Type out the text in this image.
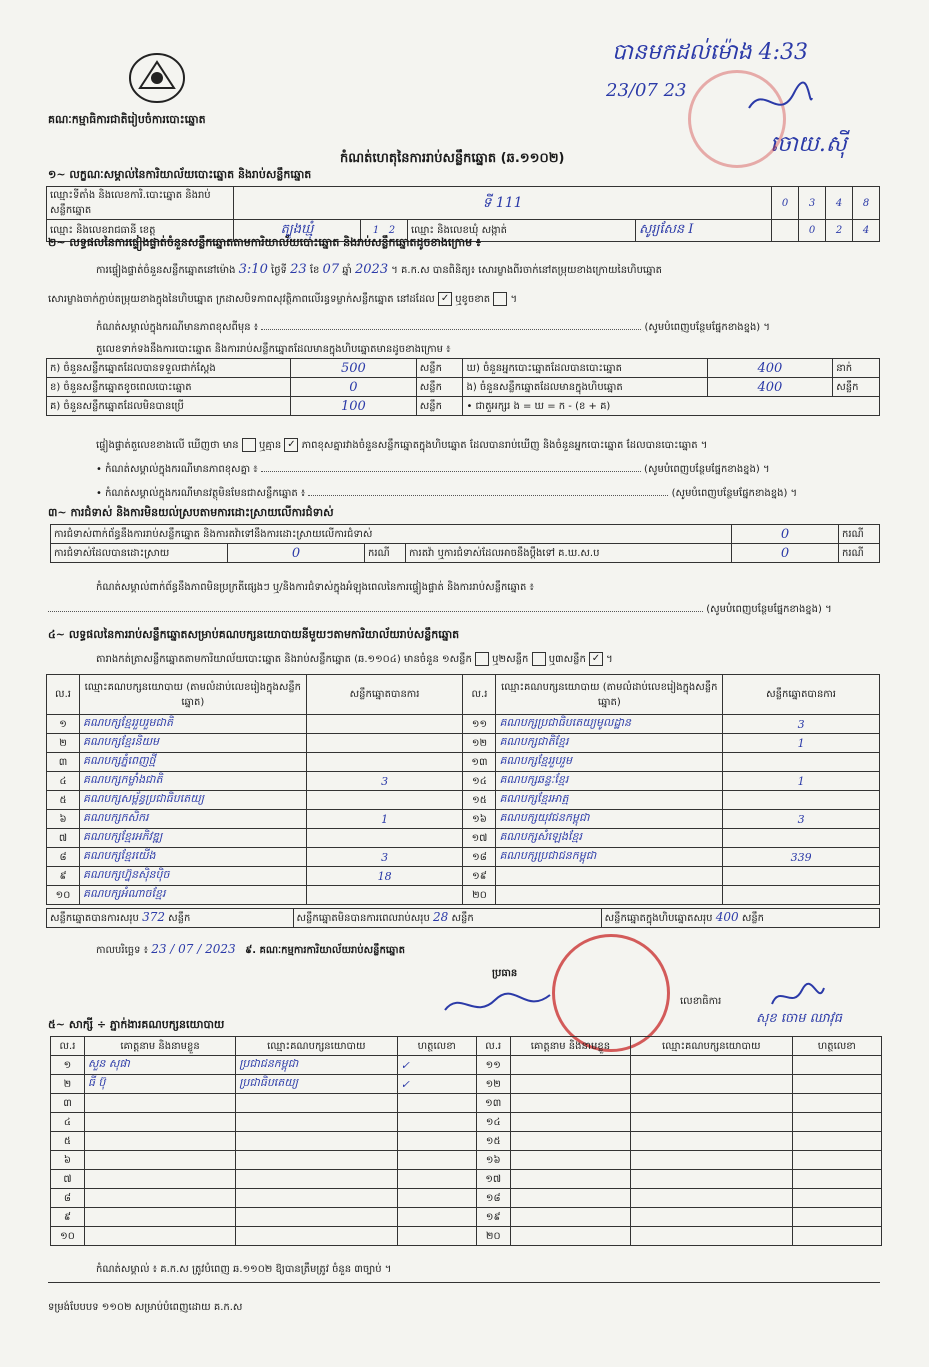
គណៈកម្មាធិការជាតិរៀបចំការបោះឆ្នោត
បានមកដល់ម៉ោង 4:33
23/07 23
ចោយ.ស៊ី
កំណត់ហេតុនៃការរាប់សន្លឹកឆ្នោត (ឆ.១១០២)
១~ លក្ខណៈសម្គាល់នៃការិយាល័យបោះឆ្នោត និងរាប់សន្លឹកឆ្នោត
ឈ្មោះទីតាំង និងលេខការិ.បោះឆ្នោត និងរាប់សន្លឹកឆ្នោត	ទី 111				0	3	4	8
ឈ្មោះ និងលេខរាជធានី ខេត្ត	ត្បូងឃ្មុំ	1 2	ឈ្មោះ និងលេខឃុំ សង្កាត់	សូរ្យសែន I		0	2	4
២~ លទ្ធផលនៃការផ្ទៀងផ្ទាត់ចំនួនសន្លឹកឆ្នោតតាមការិយាល័យបោះឆ្នោត និងរាប់សន្លឹកឆ្នោតដូចខាងក្រោម ៖
ការផ្ទៀងផ្ទាត់ចំនួនសន្លឹកឆ្នោតនៅម៉ោង 3:10 ថ្ងៃទី 23 ខែ 07 ឆ្នាំ 2023 ។ គ.ក.ស បានពិនិត្យ៖ សោរម្ខាងពីរចាក់នៅតម្រុយខាងក្រោយនៃហិបឆ្នោត
សោរម្ខាងចាក់ភ្ជាប់តម្រុយខាងក្នុងនៃហិបឆ្នោត ក្រដាសបិទភាពសុវត្ថិភាពលើរន្ធទម្លាក់សន្លឹកឆ្នោត នៅដដែល ✓ ឬខូចខាត  ។
កំណត់សម្គាល់ក្នុងករណីមានភាពខុសពីមុន ៖	(សូមបំពេញបន្ថែមផ្នែកខាងខ្នង) ។
តួលេខទាក់ទងនឹងការបោះឆ្នោត និងការរាប់សន្លឹកឆ្នោតដែលមានក្នុងហិបឆ្នោតមានដូចខាងក្រោម ៖
ក) ចំនួនសន្លឹកឆ្នោតដែលបានទទួលជាក់ស្តែង	500	សន្លឹក	ឃ) ចំនួនអ្នកបោះឆ្នោតដែលបានបោះឆ្នោត	400	នាក់
ខ) ចំនួនសន្លឹកឆ្នោតខូចពេលបោះឆ្នោត	0	សន្លឹក	ង) ចំនួនសន្លឹកឆ្នោតដែលមានក្នុងហិបឆ្នោត	400	សន្លឹក
គ) ចំនួនសន្លឹកឆ្នោតដែលមិនបានប្រើ	100	សន្លឹក	• ជាតួអក្សរ ង = ឃ = ក - (ខ + គ)		
ផ្ទៀងផ្ទាត់តួលេខខាងលើ ឃើញថា មាន ឬគ្មាន ✓ ភាពខុសគ្នារវាងចំនួនសន្លឹកឆ្នោតក្នុងហិបឆ្នោត ដែលបានរាប់ឃើញ និងចំនួនអ្នកបោះឆ្នោត ដែលបានបោះឆ្នោត ។
• កំណត់សម្គាល់ក្នុងករណីមានភាពខុសគ្នា ៖	(សូមបំពេញបន្ថែមផ្នែកខាងខ្នង) ។
• កំណត់សម្គាល់ក្នុងករណីមានវត្ថុមិនមែនជាសន្លឹកឆ្នោត ៖	(សូមបំពេញបន្ថែមផ្នែកខាងខ្នង) ។
៣~ ការជំទាស់ និងការមិនយល់ស្របតាមការដោះស្រាយលើការជំទាស់
ការជំទាស់ពាក់ព័ន្ធនឹងការរាប់សន្លឹកឆ្នោត និងការតវ៉ាទៅនឹងការដោះស្រាយលើការជំទាស់				0	ករណី
ការជំទាស់ដែលបានដោះស្រាយ	0	ករណី	ការតវ៉ា ឬការជំទាស់ដែលអាចនឹងប្តឹងទៅ គ.ឃ.ស.ប	0	ករណី
កំណត់សម្គាល់ពាក់ព័ន្ធនឹងភាពមិនប្រក្រតីផ្សេងៗ ឬ/និងការជំទាស់ក្នុងអំឡុងពេលនៃការផ្ទៀងផ្ទាត់ និងការរាប់សន្លឹកឆ្នោត ៖
(សូមបំពេញបន្ថែមផ្នែកខាងខ្នង) ។
៤~ លទ្ធផលនៃការរាប់សន្លឹកឆ្នោតសម្រាប់គណបក្សនយោបាយនីមួយៗតាមការិយាល័យរាប់សន្លឹកឆ្នោត
តារាងកត់ត្រាសន្លឹកឆ្នោតតាមការិយាល័យបោះឆ្នោត និងរាប់សន្លឹកឆ្នោត (ឆ.១១០៤) មានចំនួន ១សន្លឹក ឬ២សន្លឹក ឬ៣សន្លឹក ✓ ។
ល.រ	ឈ្មោះគណបក្សនយោបាយ (តាមលំដាប់លេខរៀងក្នុងសន្លឹកឆ្នោត)	សន្លឹកឆ្នោតបានការ	ល.រ	ឈ្មោះគណបក្សនយោបាយ (តាមលំដាប់លេខរៀងក្នុងសន្លឹកឆ្នោត)	សន្លឹកឆ្នោតបានការ
១	គណបក្សខ្មែររួបរួមជាតិ		១១	គណបក្សប្រជាធិបតេយ្យមូលដ្ឋាន	3
២	គណបក្សខ្មែរនិយម		១២	គណបក្សជាតិខ្មែរ	1
៣	គណបក្សភ្នំពេញថ្មី		១៣	គណបក្សខ្មែររួបរួម	
៤	គណបក្សកម្លាំងជាតិ	3	១៤	គណបក្សឆន្ទៈខ្មែរ	1
៥	គណបក្សសម្ព័ន្ធប្រជាធិបតេយ្យ		១៥	គណបក្សខ្មែរអាត្ម	
៦	គណបក្សកសិករ	1	១៦	គណបក្សយុវជនកម្ពុជា	3
៧	គណបក្សខ្មែរអភិវឌ្ឍ		១៧	គណបក្សសំឡេងខ្មែរ	
៨	គណបក្សខ្មែរយើង	3	១៨	គណបក្សប្រជាជនកម្ពុជា	339
៩	គណបក្សហ្វ៊ុនស៊ិនប៉ិច	18	១៩		
១០	គណបក្សអំណាចខ្មែរ		២០		
សន្លឹកឆ្នោតបានការសរុប 372 សន្លឹក	សន្លឹកឆ្នោតមិនបានការពេលរាប់សរុប 28 សន្លឹក	សន្លឹកឆ្នោតក្នុងហិបឆ្នោតសរុប 400 សន្លឹក
កាលបរិច្ឆេទ ៖ 23 / 07 / 2023 ៩. គណៈកម្មការការិយាល័យរាប់សន្លឹកឆ្នោត
ប្រធាន
លេខាធិការ
សុខ ចោម ឈាវុធ
៥~ សាក្សី ÷ ភ្នាក់ងារគណបក្សនយោបាយ
ល.រ	គោត្តនាម និងនាមខ្លួន	ឈ្មោះគណបក្សនយោបាយ	ហត្ថលេខា	ល.រ	គោត្តនាម និងនាមខ្លួន	ឈ្មោះគណបក្សនយោបាយ	ហត្ថលេខា
១	សួន សុផា	ប្រជាជនកម្ពុជា	✓	១១			
២	ធី ប៊ុ	ប្រជាធិបតេយ្យ	✓	១២			
៣				១៣			
៤				១៤			
៥				១៥			
៦				១៦			
៧				១៧			
៨				១៨			
៩				១៩			
១០				២០			
កំណត់សម្គាល់ ៖ គ.ក.ស ត្រូវបំពេញ ឆ.១១០២ ឱ្យបានត្រឹមត្រូវ ចំនួន ៣ច្បាប់ ។
ទម្រង់បែបបទ ១១០២ សម្រាប់បំពេញដោយ គ.ក.ស
